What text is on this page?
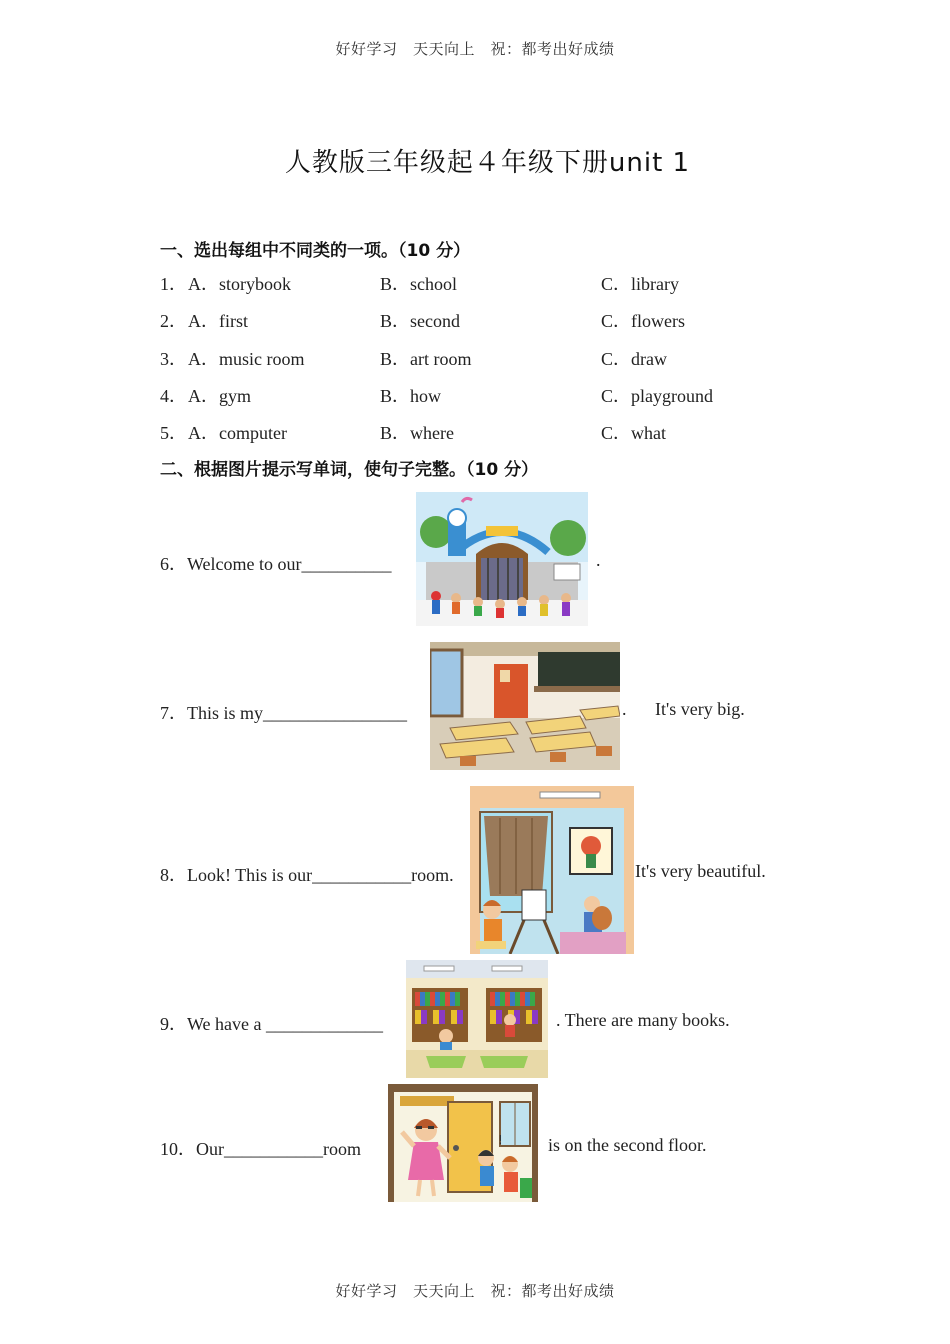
好好学习　天天向上　祝：都考出好成绩
人教版三年级起４年级下册unit 1
一、选出每组中不同类的一项。（10 分）
1． A．storybook	B．school	C．library
2． A．first	B．second	C．flowers
3． A．music room	B．art room	C．draw
4． A．gym	B．how	C．playground
5． A．computer	B．where	C．what
二、根据图片提示写单词，使句子完整。（10 分）
6．Welcome to our__________	.
7．This is my________________	. It's very big.
8．Look! This is our___________room.	It's very beautiful.
9．We have a _____________	. There are many books.
10．Our___________room	!	is on the second floor.
好好学习　天天向上　祝：都考出好成绩
